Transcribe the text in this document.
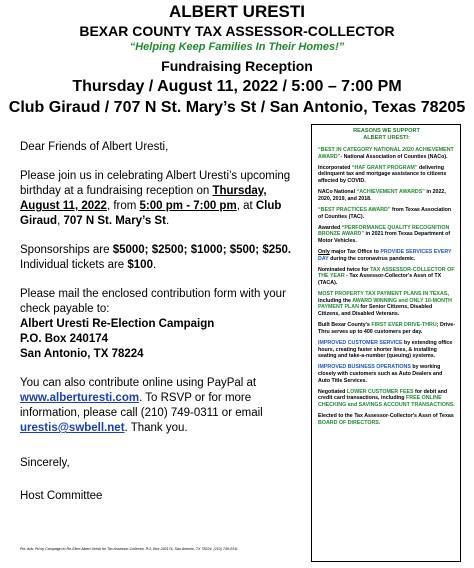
ALBERT URESTI
BEXAR COUNTY TAX ASSESSOR-COLLECTOR
“Helping Keep Families In Their Homes!”
Fundraising Reception
Thursday / August 11, 2022 / 5:00 – 7:00 PM
Club Giraud / 707 N St. Mary’s St / San Antonio, Texas 78205

Dear Friends of Albert Uresti,

Please join us in celebrating Albert Uresti’s upcoming birthday at a fundraising reception on Thursday, August 11, 2022, from 5:00 pm - 7:00 pm, at Club Giraud, 707 N St. Mary’s St.

Sponsorships are $5000; $2500; $1000; $500; $250. Individual tickets are $100.

Please mail the enclosed contribution form with your check payable to:
Albert Uresti Re-Election Campaign
P.O. Box 240174
San Antonio, TX 78224

You can also contribute online using PayPal at www.alberturesti.com. To RSVP or for more information, please call (210) 749-0311 or email urestis@swbell.net. Thank you.

Sincerely,

Host Committee

Pol. Adv. Pd by Campaign to Re-Elect Albert Uresti for Tax Assessor-Collector, P.O. Box 240174, San Antonio, TX 78224, (210) 749-0311
REASONS WE SUPPORT
ALBERT URESTI:
“BEST IN CATEGORY NATIONAL 2020 ACHIEVEMENT AWARD”- National Association of Counties (NACo).
Incorporated “HAF GRANT PROGRAM” delivering delinquent tax and mortgage assistance to citizens affected by COVID.
NACo National “ACHIEVEMENT AWARDS” in 2022, 2020, 2019, and 2018.
“BEST PRACTICES AWARD” from Texas Association of Counties (TAC).
Awarded “PERFORMANCE QUALITY RECOGNITION BRONZE AWARD” in 2021 from Texas Department of Motor Vehicles.
Only major Tax Office to PROVIDE SERVICES EVERY DAY during the coronavirus pandemic.
Nominated twice for TAX ASSESSOR-COLLECTOR OF THE YEAR - Tax Assessor-Collector's Assn of TX (TACA).
MOST PROPERTY TAX PAYMENT PLANS IN TEXAS, including the AWARD WINNING and ONLY 10-MONTH PAYMENT PLAN for Senior Citizens, Disabled Citizens, and Disabled Veterans.
Built Bexar County's FIRST EVER DRIVE-THRU; Drive-Thru serves up to 400 customers per day.
IMPROVED CUSTOMER SERVICE by extending office hours, creating faster shorter lines, & installing seating and take-a-number (queuing) systems.
IMPROVED BUSINESS OPERATIONS by working closely with customers such as Auto Dealers and Auto Title Services.
Negotiated LOWER CUSTOMER FEES for debit and credit card transactions, including FREE ONLINE CHECKING and SAVINGS ACCOUNT TRANSACTIONS.
Elected to the Tax Assessor-Collector's Assn of Texas BOARD OF DIRECTORS.
